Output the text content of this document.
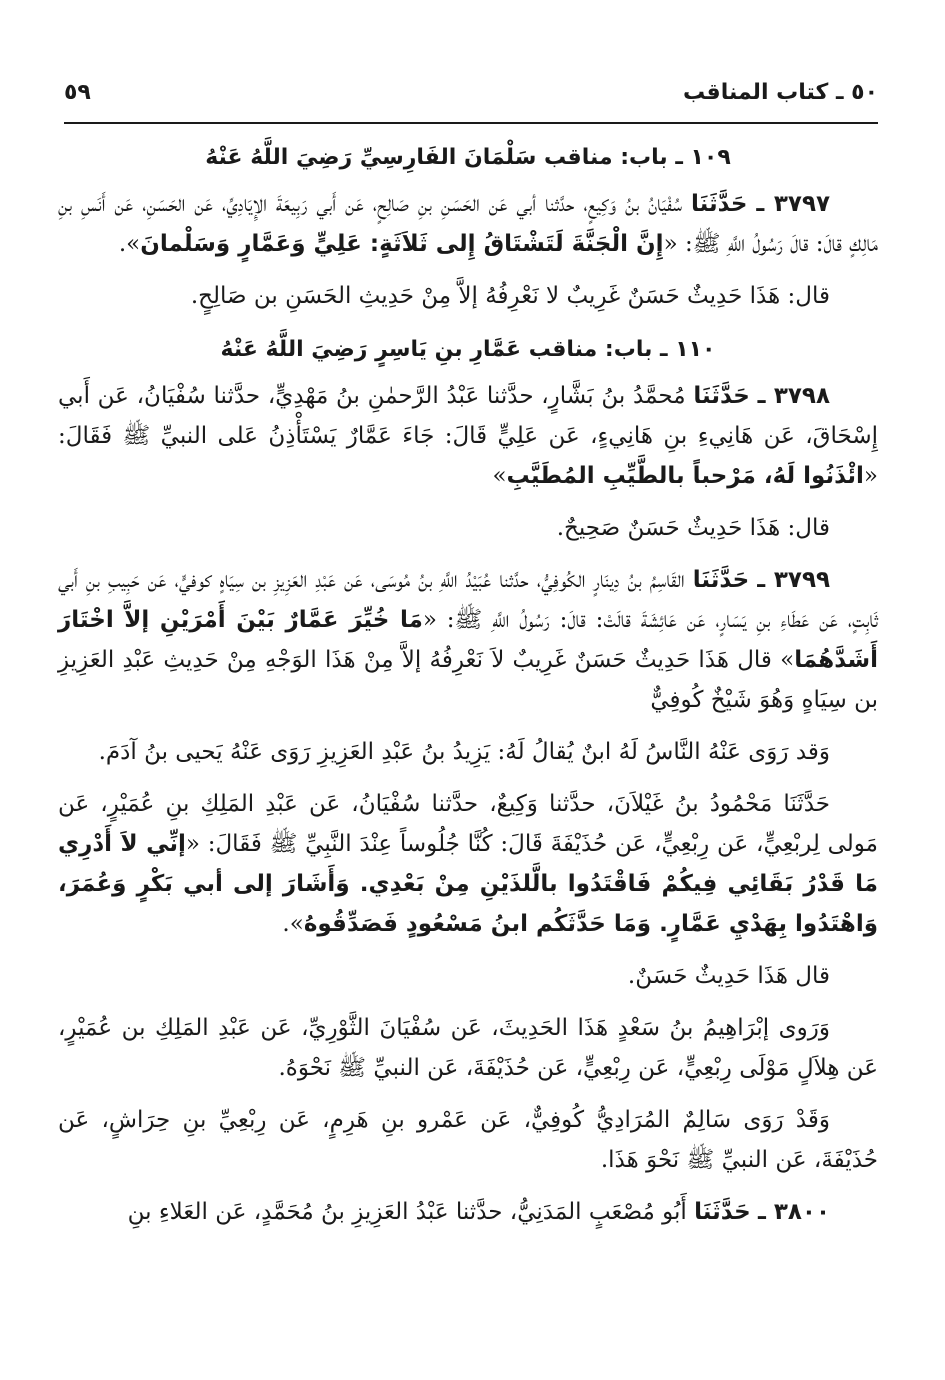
٥٩	٥٠ ـ كتاب المناقب
١٠٩ ـ باب: مناقب سَلْمَانَ الفَارِسِيِّ رَضِيَ اللَّهُ عَنْهُ

٣٧٩٧ ـ حَدَّثَنَا سُفْيَانُ بنُ وَكِيعٍ، حدَّثنا أبي عَن الحَسَنِ بنِ صَالِحٍ، عَن أَبي رَبِيعَةَ الإِيَادِيِّ، عَن الحَسَنِ، عَن أَنَسِ بنِ مَالِكٍ قالَ: قالَ رَسُولُ اللَّهِ ﷺ: «إِنَّ الْجَنَّةَ لَتَشْتَاقُ إِلى ثَلاَثَةٍ: عَلِيٍّ وَعَمَّارٍ وَسَلْمانَ».

قال: هَذَا حَدِيثٌ حَسَنٌ غَرِيبٌ لا نَعْرِفُهُ إلاَّ مِنْ حَدِيثِ الحَسَنِ بن صَالِحٍ.

١١٠ ـ باب: مناقب عَمَّارِ بنِ يَاسِرٍ رَضِيَ اللَّهُ عَنْهُ

٣٧٩٨ ـ حَدَّثَنَا مُحمَّدُ بنُ بَشَّارٍ، حدَّثنا عَبْدُ الرَّحمٰنِ بنُ مَهْدِيٍّ، حدَّثنا سُفْيَانُ، عَن أَبي إِسْحَاقَ، عَن هَانِيءِ بنِ هَانِيءٍ، عَن عَلِيٍّ قَالَ: جَاءَ عَمَّارٌ يَسْتَأْذِنُ عَلى النبيِّ ﷺ فَقَالَ: «ائْذَنُوا لَهُ، مَرْحباً بالطَّيِّبِ المُطَيَّبِ»

قال: هَذَا حَدِيثٌ حَسَنٌ صَحِيحٌ.

٣٧٩٩ ـ حَدَّثَنَا القَاسِمُ بنُ دِينَارٍ الكُوفِيُّ، حدَّثنا عُبَيْدُ اللَّهِ بنُ مُوسَى، عَن عَبْدِ العَزِيزِ بن سِيَاهٍ كوفيٍّ، عَن حَبِيبِ بنِ أَبي ثَابِتٍ، عَن عَطَاءِ بنِ يَسَارٍ، عَن عَائِشَةَ قالَتْ: قالَ: رَسُولُ اللَّهِ ﷺ: «مَا خُيِّرَ عَمَّارٌ بَيْنَ أَمْرَيْنِ إلاَّ اخْتَارَ أَشَدَّهُمَا» قال هَذَا حَدِيثٌ حَسَنٌ غَرِيبٌ لاَ نَعْرِفُهُ إلاَّ مِنْ هَذَا الوَجْهِ مِنْ حَدِيثِ عَبْدِ العَزِيزِ بن سِيَاهٍ وَهُوَ شَيْخٌ كُوفِيٌّ

وَقد رَوَى عَنْهُ النَّاسُ لَهُ ابنٌ يُقالُ لَهُ: يَزِيدُ بنُ عَبْدِ العَزِيزِ رَوَى عَنْهُ يَحيى بنُ آدَمَ.

حَدَّثَنَا مَحْمُودُ بنُ غَيْلاَنَ، حدَّثنا وَكِيعٌ، حدَّثنا سُفْيَانُ، عَن عَبْدِ المَلِكِ بنِ عُمَيْرٍ، عَن مَولى لِربْعِيٍّ، عَن رِبْعِيٍّ، عَن حُذَيْفَةَ قَالَ: كُنَّا جُلُوساً عِنْدَ النَّبِيِّ ﷺ فَقَالَ: «إنِّي لاَ أَدْرِي مَا قَدْرُ بَقَائِي فِيكُمْ فَاقْتَدُوا بالَّلذَيْنِ مِنْ بَعْدِي. وَأَشَارَ إلى أبي بَكْرٍ وَعُمَرَ، وَاهْتَدُوا بِهَدْيِ عَمَّارٍ. وَمَا حَدَّثَكُم ابنُ مَسْعُودٍ فَصَدِّقُوهُ».

قال هَذَا حَدِيثٌ حَسَنٌ.

وَرَوى إبْرَاهِيمُ بنُ سَعْدٍ هَذَا الحَدِيثَ، عَن سُفْيَانَ الثَّوْرِيِّ، عَن عَبْدِ المَلِكِ بن عُمَيْرٍ، عَن هِلاَلٍ مَوْلَى رِبْعِيٍّ، عَن رِبْعِيٍّ، عَن حُذَيْفَةَ، عَن النبيِّ ﷺ نَحْوَهُ.

وَقَدْ رَوَى سَالِمٌ المُرَادِيُّ كُوفِيٌّ، عَن عَمْرو بنِ هَرِمٍ، عَن رِبْعِيِّ بنِ حِرَاشٍ، عَن حُذَيْفَةَ، عَن النبيِّ ﷺ نَحْوَ هَذَا.

٣٨٠٠ ـ حَدَّثَنَا أَبُو مُصْعَبٍ المَدَنِيُّ، حدَّثنا عَبْدُ العَزِيزِ بنُ مُحَمَّدٍ، عَن العَلاءِ بنِ
